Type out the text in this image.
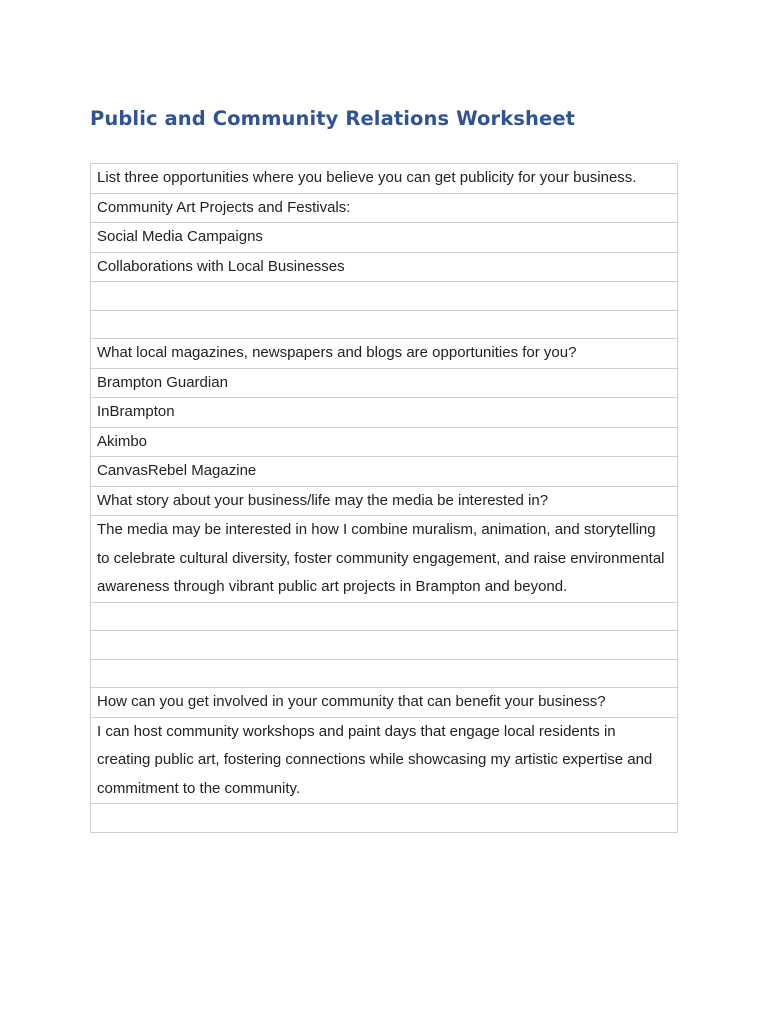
Public and Community Relations Worksheet
List three opportunities where you believe you can get publicity for your business.
Community Art Projects and Festivals:
Social Media Campaigns
Collaborations with Local Businesses
What local magazines, newspapers and blogs are opportunities for you?
Brampton Guardian
InBrampton
Akimbo
CanvasRebel Magazine
What story about your business/life may the media be interested in?
The media may be interested in how I combine muralism, animation, and storytelling to celebrate cultural diversity, foster community engagement, and raise environmental awareness through vibrant public art projects in Brampton and beyond.
How can you get involved in your community that can benefit your business?
I can host community workshops and paint days that engage local residents in creating public art, fostering connections while showcasing my artistic expertise and commitment to the community.
